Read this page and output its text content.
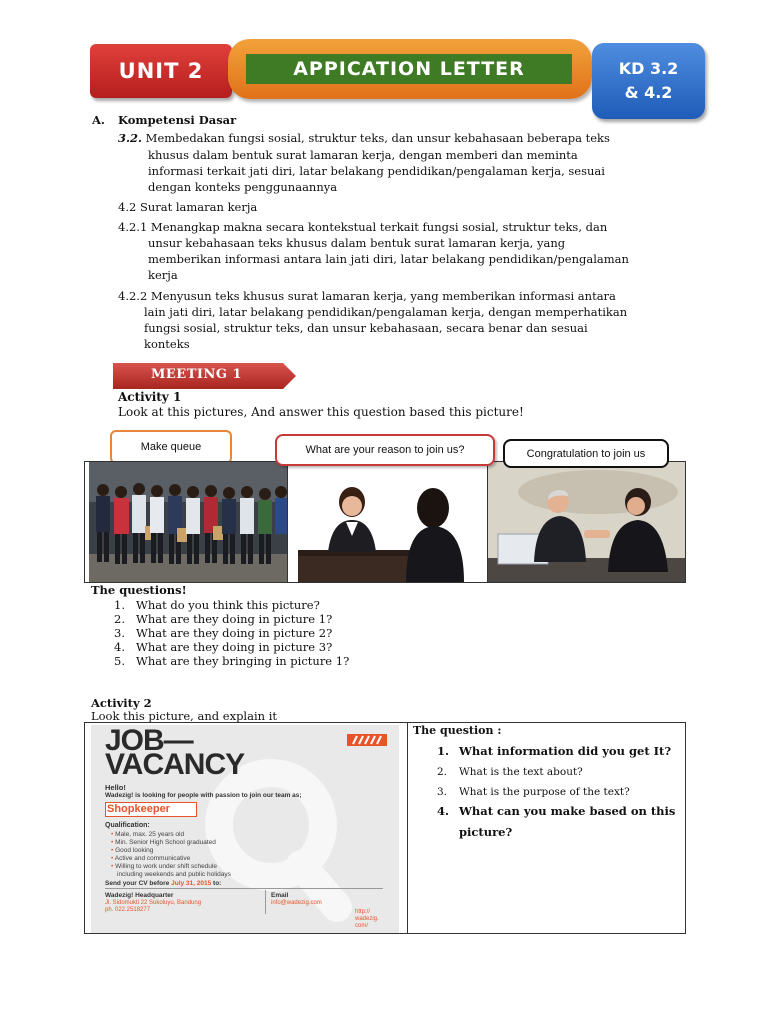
UNIT 2	APPICATION LETTER	KD 3.2
& 4.2
A. Kompetensi Dasar
3.2. Membedakan fungsi sosial, struktur teks, dan unsur kebahasaan beberapa teks
khusus dalam bentuk surat lamaran kerja, dengan memberi dan meminta
informasi terkait jati diri, latar belakang pendidikan/pengalaman kerja, sesuai
dengan konteks penggunaannya
4.2 Surat lamaran kerja
4.2.1 Menangkap makna secara kontekstual terkait fungsi sosial, struktur teks, dan
unsur kebahasaan teks khusus dalam bentuk surat lamaran kerja, yang
memberikan informasi antara lain jati diri, latar belakang pendidikan/pengalaman
kerja
4.2.2 Menyusun teks khusus surat lamaran kerja, yang memberikan informasi antara
lain jati diri, latar belakang pendidikan/pengalaman kerja, dengan memperhatikan
fungsi sosial, struktur teks, dan unsur kebahasaan, secara benar dan sesuai
konteks
MEETING 1
Activity 1
Look at this pictures, And answer this question based this picture!
Make queue	What are your reason to join us?	Congratulation to join us
The questions!
1. What do you think this picture?
2. What are they doing in picture 1?
3. What are they doing in picture 2?
4. What are they doing in picture 3?
5. What are they bringing in picture 1?
Activity 2
Look this picture, and explain it
JOB—
VACANCY
Hello!
Wadezig! is looking for people with passion to join our team as;
Shopkeeper
Qualification:
• Male, max. 25 years old
• Min. Senior High School graduated
• Good looking
• Active and communicative
• Willing to work under shift schedule
including weekends and public holidays
Send your CV before July 31, 2015 to:
Wadezig! Headquarter
Jl. Sidomukti 22 Sukoluyu, Bandung
ph. 022.2518277
Email
info@wadezig.com
http://
wadezig.
com/
The question :
1. What information did you get It?
2. What is the text about?
3. What is the purpose of the text?
4. What can you make based on this
picture?
